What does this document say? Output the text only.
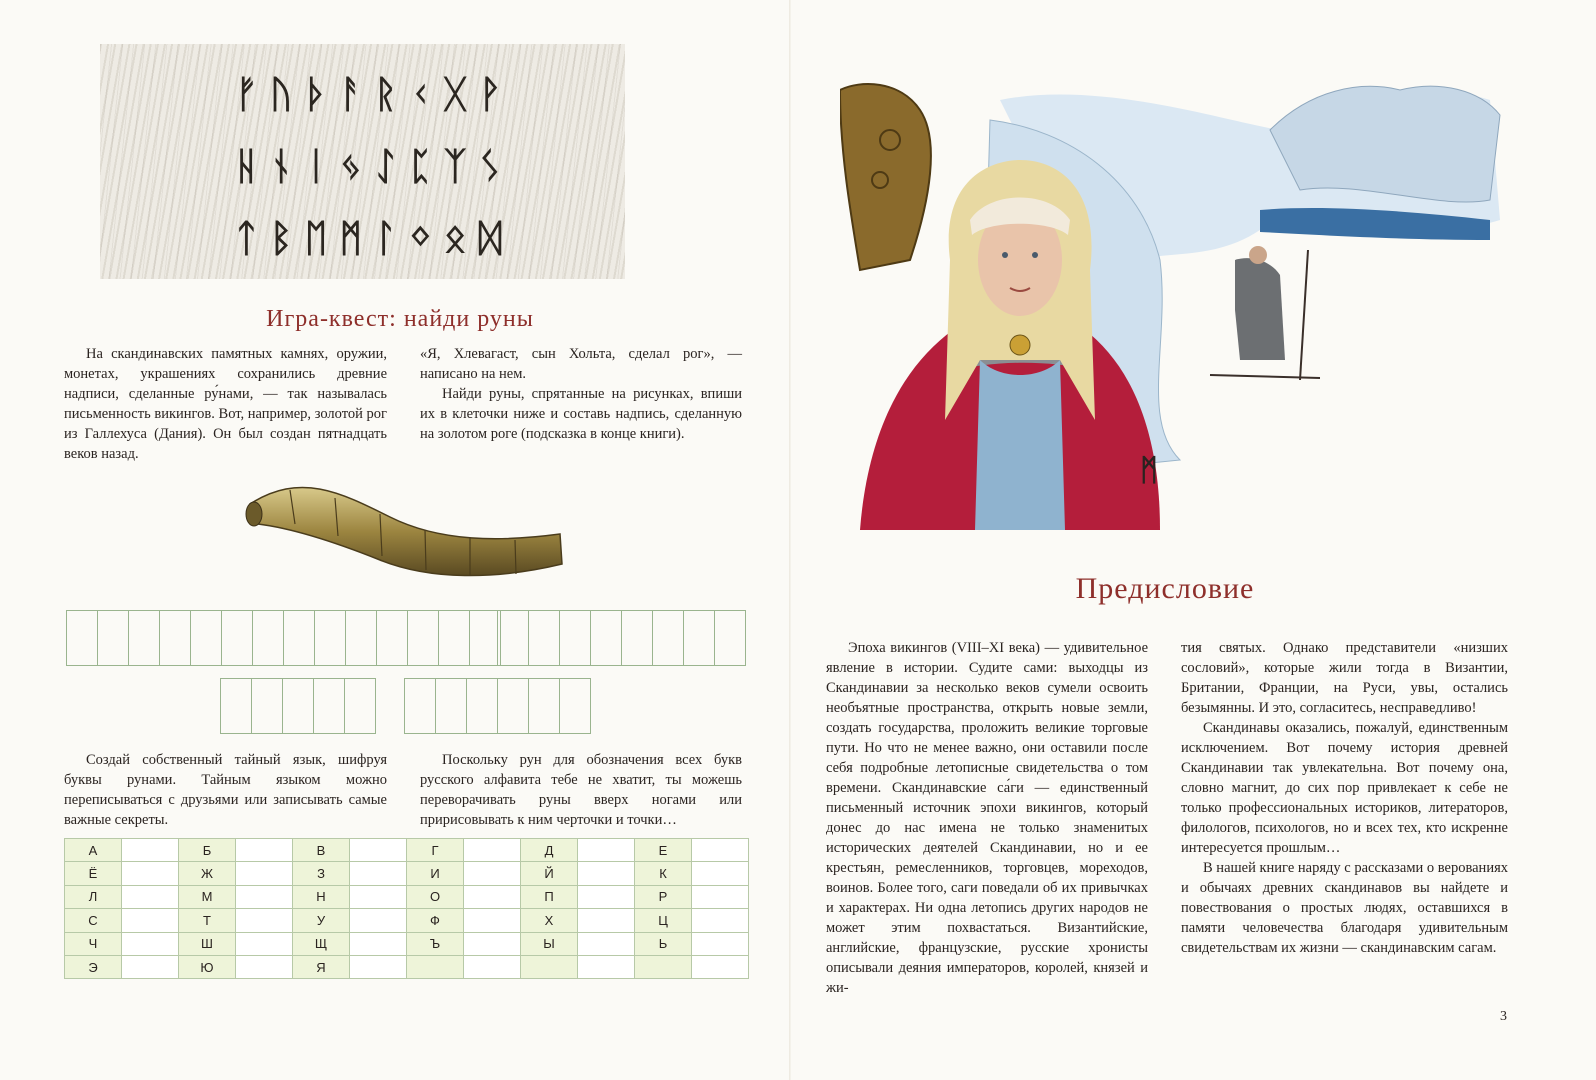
ᚠᚢᚦᚨᚱᚲᚷᚹ
ᚺᚾᛁᛃᛇᛈᛉᛊ
ᛏᛒᛖᛗᛚᛜᛟᛞ
Игра-квест: найди руны

На скандинавских памятных камнях, оружии, монетах, украшениях сохранились древние надписи, сделанные ру́нами, — так называлась письменность викингов. Вот, например, золотой рог из Галлехуса (Дания). Он был создан пятнадцать веков назад.

«Я, Хлевагаст, сын Хольта, сделал рог», — написано на нем.

Найди руны, спрятанные на рисунках, впиши их в клеточки ниже и составь надпись, сделанную на золотом роге (подсказка в конце книги).

Создай собственный тайный язык, шифруя буквы рунами. Тайным языком можно переписываться с друзьями или записывать самые важные секреты.

Поскольку рун для обозначения всех букв русского алфавита тебе не хватит, ты можешь переворачивать руны вверх ногами или пририсовывать к ним черточки и точки…

А		Б		В		Г		Д		Е	
Ё		Ж		З		И		Й		К	
Л		М		Н		О		П		Р	
С		Т		У		Ф		Х		Ц	
Ч		Ш		Щ		Ъ		Ы		Ь	
Э		Ю		Я							
ᛗ
Предисловие

Эпоха викингов (VIII–XI века) — удивительное явление в истории. Судите сами: выходцы из Скандинавии за несколько веков сумели освоить необъятные пространства, открыть новые земли, создать государства, проложить великие торговые пути. Но что не менее важно, они оставили после себя подробные летописные свидетельства о том времени. Скандинавские са́ги — единственный письменный источник эпохи викингов, который донес до нас имена не только знаменитых исторических деятелей Скандинавии, но и ее крестьян, ремесленников, торговцев, мореходов, воинов. Более того, саги поведали об их привычках и характерах. Ни одна летопись других народов не может этим похвастаться. Византийские, английские, французские, русские хронисты описывали деяния императоров, королей, князей и жи-

тия святых. Однако представители «низших сословий», которые жили тогда в Византии, Британии, Франции, на Руси, увы, остались безымянны. И это, согласитесь, несправедливо!

Скандинавы оказались, пожалуй, единственным исключением. Вот почему история древней Скандинавии так увлекательна. Вот почему она, словно магнит, до сих пор привлекает к себе не только профессиональных историков, литераторов, филологов, психологов, но и всех тех, кто искренне интересуется прошлым…

В нашей книге наряду с рассказами о верованиях и обычаях древних скандинавов вы найдете и повествования о простых людях, оставшихся в памяти человечества благодаря удивительным свидетельствам их жизни — скандинавским сагам.

3
